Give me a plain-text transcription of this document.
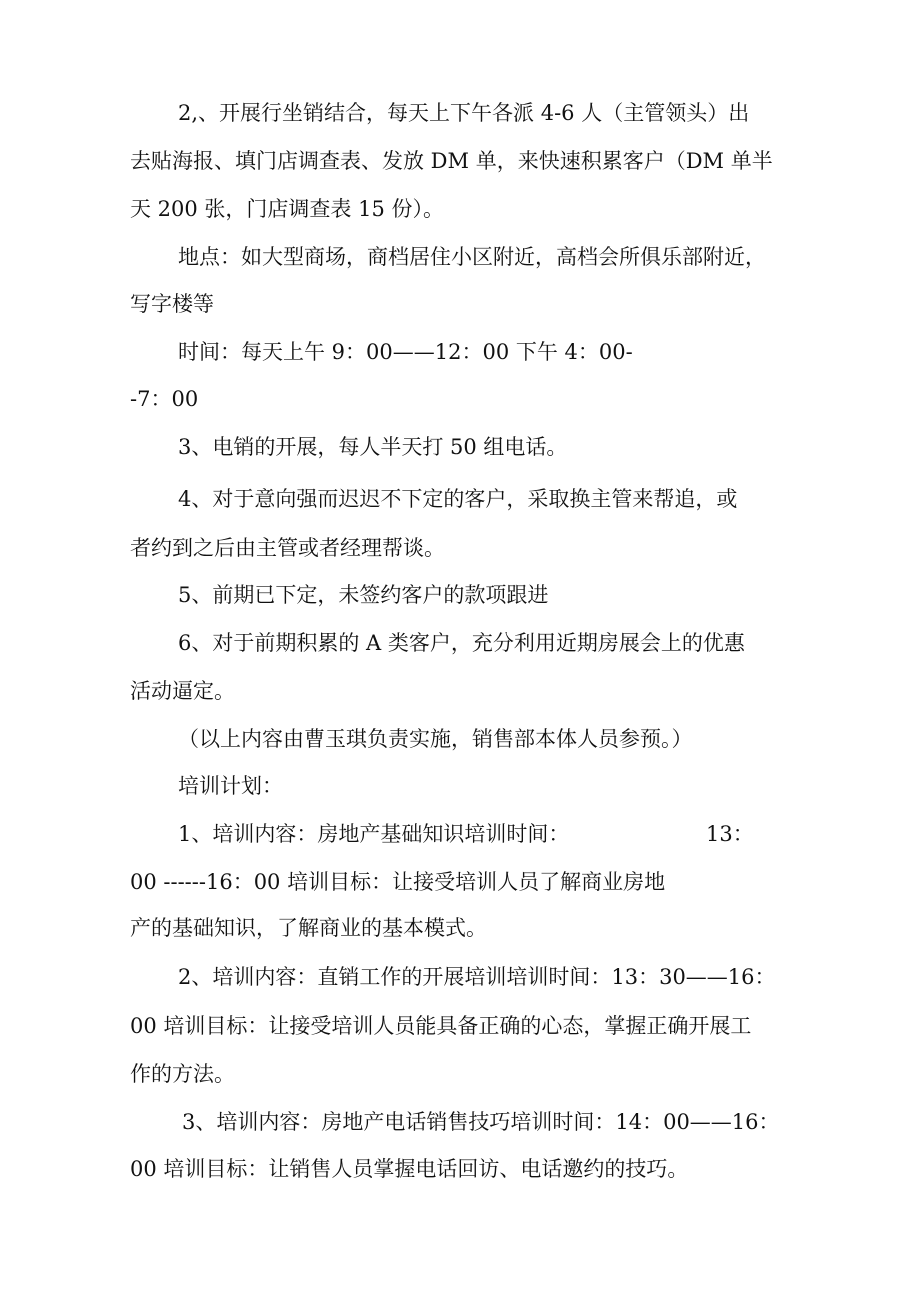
2,、开展行坐销结合，每天上下午各派 4-6 人（主管领头）出
去贴海报、填门店调查表、发放 DM 单，来快速积累客户（DM 单半
天 200 张，门店调查表 15 份）。
地点：如大型商场，商档居住小区附近，高档会所俱乐部附近，
写字楼等
时间：每天上午 9：00——12：00 下午 4：00-
-7：00
3、电销的开展，每人半天打 50 组电话。
4、对于意向强而迟迟不下定的客户，采取换主管来帮追，或
者约到之后由主管或者经理帮谈。
5、前期已下定，未签约客户的款项跟进
6、对于前期积累的 A 类客户，充分利用近期房展会上的优惠
活动逼定。
（以上内容由曹玉琪负责实施，销售部本体人员参预。）
培训计划：
1、培训内容：房地产基础知识培训时间：	13：
00 ------16：00 培训目标：让接受培训人员了解商业房地
产的基础知识，了解商业的基本模式。
2、培训内容：直销工作的开展培训培训时间：13：30——16：
00 培训目标：让接受培训人员能具备正确的心态，掌握正确开展工
作的方法。
3、培训内容：房地产电话销售技巧培训时间：14：00——16：
00 培训目标：让销售人员掌握电话回访、电话邀约的技巧。
